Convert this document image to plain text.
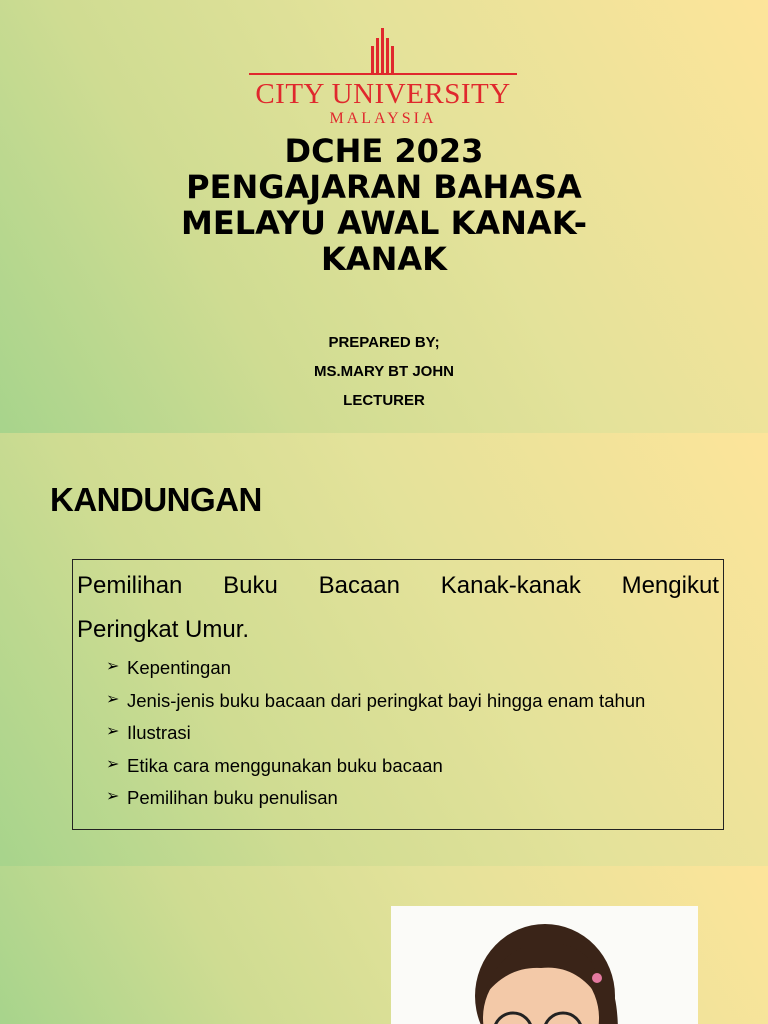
CITY UNIVERSITY
MALAYSIA
DCHE 2023
PENGAJARAN BAHASA
MELAYU AWAL KANAK-
KANAK
PREPARED BY;
MS.MARY BT JOHN
LECTURER
KANDUNGAN
Pemilihan Buku Bacaan Kanak-kanak Mengikut
Peringkat Umur.
➢ Kepentingan
➢ Jenis-jenis buku bacaan dari peringkat bayi hingga enam tahun
➢ Ilustrasi
➢ Etika cara menggunakan buku bacaan
➢ Pemilihan buku penulisan
